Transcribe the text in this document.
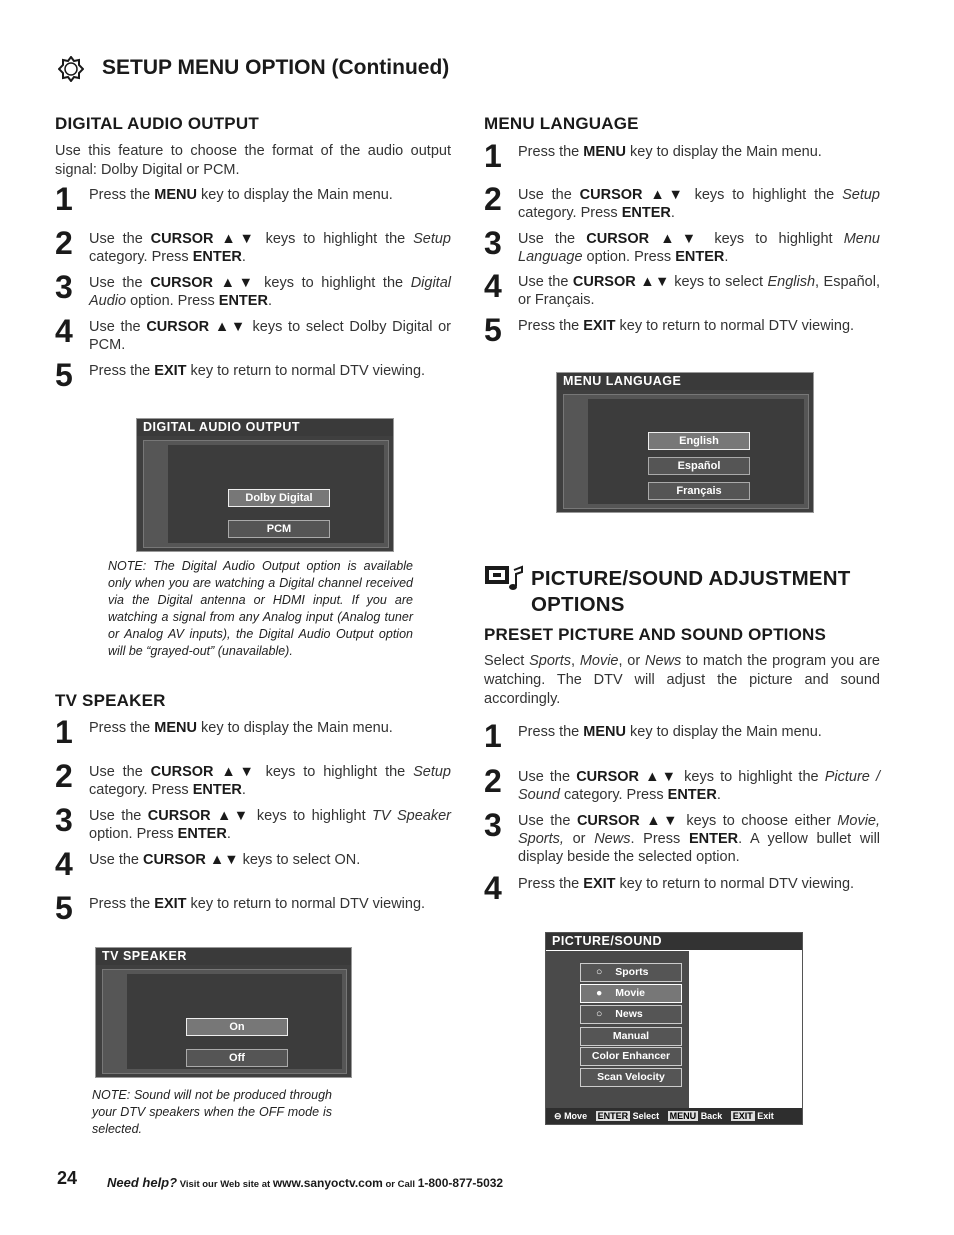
SETUP MENU OPTION (Continued)
DIGITAL AUDIO OUTPUT
Use this feature to choose the format of the audio output signal: Dolby Digital or PCM.
1 Press the MENU key to display the Main menu.
2 Use the CURSOR ▲▼ keys to highlight the Setup category. Press ENTER.
3 Use the CURSOR ▲▼ keys to highlight the Digital Audio option. Press ENTER.
4 Use the CURSOR ▲▼ keys to select Dolby Digital or PCM.
5 Press the EXIT key to return to normal DTV viewing.
DIGITAL AUDIO OUTPUT
Dolby Digital
PCM
NOTE: The Digital Audio Output option is available only when you are watching a Digital channel received via the Digital antenna or HDMI input. If you are watching a signal from any Analog input (Analog tuner or Analog AV inputs), the Digital Audio Output option will be “grayed-out” (unavailable).
TV SPEAKER
1 Press the MENU key to display the Main menu.
2 Use the CURSOR ▲▼ keys to highlight the Setup category. Press ENTER.
3 Use the CURSOR ▲▼ keys to highlight TV Speaker option. Press ENTER.
4 Use the CURSOR ▲▼ keys to select ON.
5 Press the EXIT key to return to normal DTV viewing.
TV SPEAKER
On
Off
NOTE: Sound will not be produced through your DTV speakers when the OFF mode is selected.
MENU LANGUAGE
1 Press the MENU key to display the Main menu.
2 Use the CURSOR ▲▼ keys to highlight the Setup category. Press ENTER.
3 Use the CURSOR ▲▼ keys to highlight Menu Language option. Press ENTER.
4 Use the CURSOR ▲▼ keys to select English, Español, or Français.
5 Press the EXIT key to return to normal DTV viewing.
MENU LANGUAGE
English
Español
Français
PICTURE/SOUND ADJUSTMENT OPTIONS
PRESET PICTURE AND SOUND OPTIONS
Select Sports, Movie, or News to match the program you are watching. The DTV will adjust the picture and sound accordingly.
1 Press the MENU key to display the Main menu.
2 Use the CURSOR ▲▼ keys to highlight the Picture / Sound category. Press ENTER.
3 Use the CURSOR ▲▼ keys to choose either Movie, Sports, or News. Press ENTER. A yellow bullet will display beside the selected option.
4 Press the EXIT key to return to normal DTV viewing.
PICTURE/SOUND
⊖ Move ENTER Select MENU Back EXIT Exit
○ Sports
● Movie
○ News
Manual
Color Enhancer
Scan Velocity
24 Need help? Visit our Web site at www.sanyoctv.com or Call 1-800-877-5032
